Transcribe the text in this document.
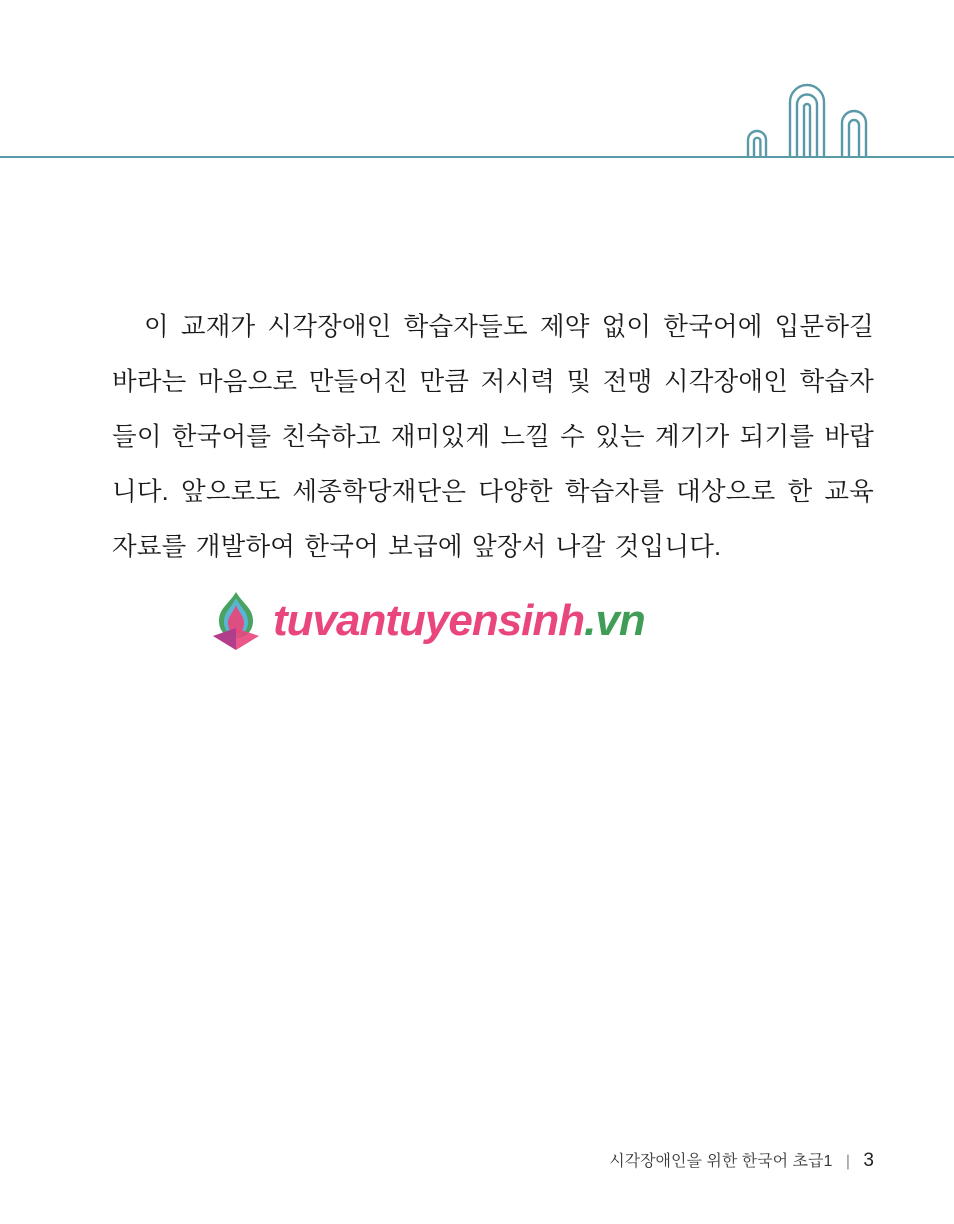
이 교재가 시각장애인 학습자들도 제약 없이 한국어에 입문하길 바라는 마음으로 만들어진 만큼 저시력 및 전맹 시각장애인 학습자들이 한국어를 친숙하고 재미있게 느낄 수 있는 계기가 되기를 바랍니다. 앞으로도 세종학당재단은 다양한 학습자를 대상으로 한 교육자료를 개발하여 한국어 보급에 앞장서 나갈 것입니다.

tuvantuyensinh.vn
시각장애인을 위한 한국어 초급1 | 3
